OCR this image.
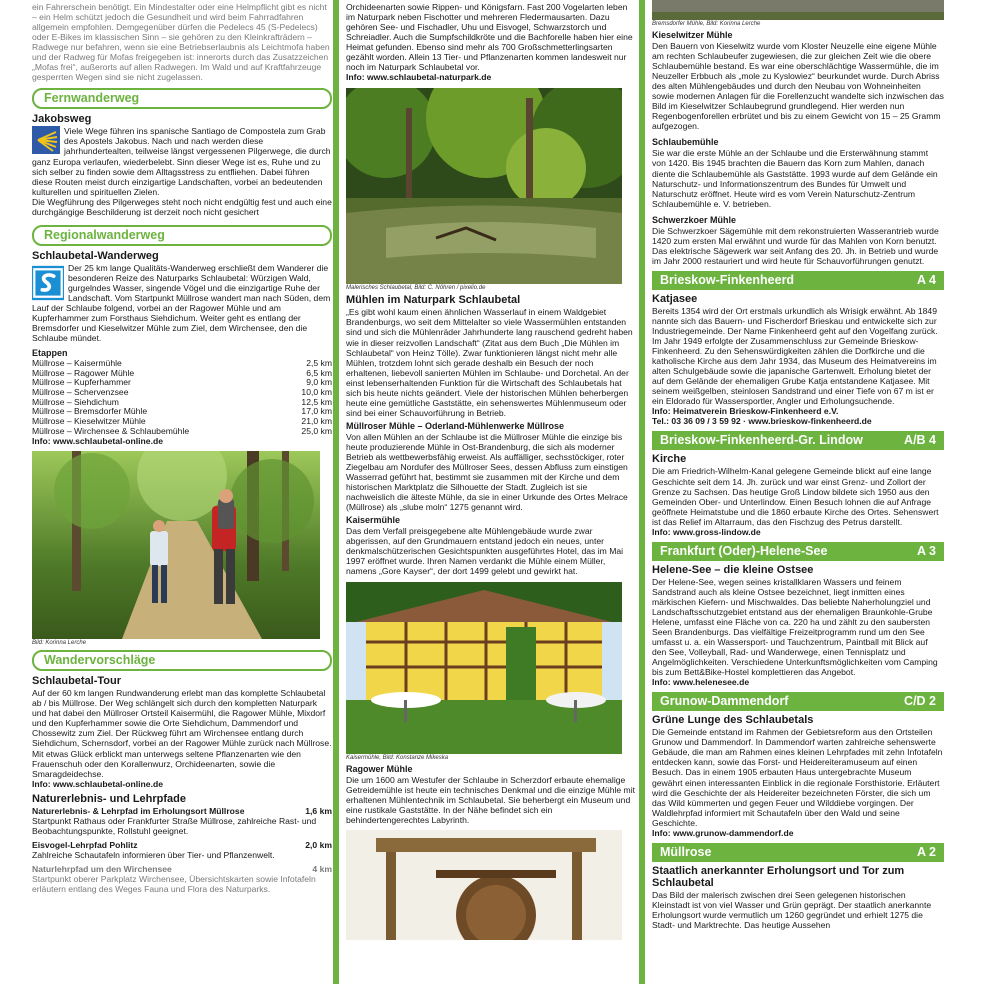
ein Fahrerschein benötigt. Ein Mindestalter oder eine Helmpflicht gibt es nicht – ein Helm schützt jedoch die Gesundheit und wird beim Fahrradfahren allgemein empfohlen. Demgegenüber dürfen die Pedelecs 45 (S-Pedelecs) oder E-Bikes im klassischen Sinn – sie gehören zu den Kleinkrafträdern – Radwege nur befahren, wenn sie eine Betriebserlaubnis als Leichtmofa haben und der Radweg für Mofas freigegeben ist: innerorts durch das Zusatzzeichen „Mofas frei“, außerorts auf allen Radwegen. Im Wald und auf Kraftfahrzeuge gesperrten Wegen sind sie nicht zugelassen.

Fernwanderweg
Jakobsweg

Viele Wege führen ins spanische Santiago de Compostela zum Grab des Apostels Jakobus. Nach und nach werden diese jahrhundertealten, teilweise längst vergessenen Pilgerwege, die durch ganz Europa verlaufen, wiederbelebt. Sinn dieser Wege ist es, Ruhe und zu sich selber zu finden sowie dem Alltagsstress zu entfliehen. Dabei führen diese Routen meist durch einzigartige Landschaften, vorbei an bedeutenden kulturellen und spirituellen Zielen.

Die Wegführung des Pilgerweges steht noch nicht endgültig fest und auch eine durchgängige Beschilderung ist derzeit noch nicht gesichert

Regionalwanderweg
Schlaubetal-Wanderweg

Der 25 km lange Qualitäts-Wanderweg erschließt dem Wanderer die besonderen Reize des Naturparks Schlaubetal: Würzigen Wald, gurgelndes Wasser, singende Vögel und die einzigartige Ruhe der Landschaft. Vom Startpunkt Müllrose wandert man nach Süden, dem Lauf der Schlaube folgend, vorbei an der Ragower Mühle und am Kupferhammer zum Forsthaus Siehdichum. Weiter geht es entlang der Bremsdorfer und Kieselwitzer Mühle zum Ziel, dem Wirchensee, den die Schlaube mündet.

Etappen
Müllrose – Kaisermühle	2,5 km
Müllrose – Ragower Mühle	6,5 km
Müllrose – Kupferhammer	9,0 km
Müllrose – Schervenzsee	10,0 km
Müllrose – Siehdichum	12,5 km
Müllrose – Bremsdorfer Mühle	17,0 km
Müllrose – Kieselwitzer Mühle	21,0 km
Müllrose – Wirchensee & Schlaubemühle	25,0 km
Info: www.schlaubetal-online.de
Bild: Korinna Lerche
Wandervorschläge
Schlaubetal-Tour

Auf der 60 km langen Rundwanderung erlebt man das komplette Schlaubetal ab / bis Müllrose. Der Weg schlängelt sich durch den kompletten Naturpark und hat dabei den Müllroser Ortsteil Kaisermühl, die Ragower Mühle, Mixdorf und den Kupferhammer sowie die Orte Siehdichum, Dammendorf und Chossewitz zum Ziel. Der Rückweg führt am Wirchensee entlang durch Siehdichum, Schernsdorf, vorbei an der Ragower Mühle zurück nach Müllrose. Mit etwas Glück erblickt man unterwegs seltene Pflanzenarten wie den Frauenschuh oder den Korallenwurz, Orchideenarten, sowie die Smaragdeidechse.

Info: www.schlaubetal-online.de
Naturerlebnis- und Lehrpfade
Naturerlebnis- & Lehrpfad im Erholungsort Müllrose	1,6 km

Startpunkt Rathaus oder Frankfurter Straße Müllrose, zahlreiche Rast- und Beobachtungspunkte, Rollstuhl geeignet.

Eisvogel-Lehrpfad Pohlitz	2,0 km

Zahlreiche Schautafeln informieren über Tier- und Pflanzenwelt.

Naturlehrpfad um den Wirchensee	4 km

Startpunkt oberer Parkplatz Wirchensee, Übersichtskarten sowie Infotafeln erläutern entlang des Weges Fauna und Flora des Naturparks.

Orchideenarten sowie Rippen- und Königsfarn. Fast 200 Vogelarten leben im Naturpark neben Fischotter und mehreren Fledermausarten. Dazu gehören See- und Fischadler, Uhu und Eisvogel, Schwarzstorch und Schreiadler. Auch die Sumpfschildkröte und die Bachforelle haben hier eine Heimat gefunden. Ebenso sind mehr als 700 Großschmetterlingsarten gezählt worden. Allein 13 Tier- und Pflanzenarten kommen landesweit nur noch im Naturpark Schlaubetal vor.

Info: www.schlaubetal-naturpark.de
Malerisches Schlaubetal, Bild: C. Nöhren / pixelio.de
Mühlen im Naturpark Schlaubetal

„Es gibt wohl kaum einen ähnlichen Wasserlauf in einem Waldgebiet Brandenburgs, wo seit dem Mittelalter so viele Wassermühlen entstanden sind und sich die Mühlenräder Jahrhunderte lang rauschend gedreht haben wie in dieser reizvollen Landschaft“ (Zitat aus dem Buch „Die Mühlen im Schlaubetal“ von Heinz Tölle). Zwar funktionieren längst nicht mehr alle Mühlen, trotzdem lohnt sich gerade deshalb ein Besuch der noch erhaltenen, liebevoll sanierten Mühlen im Schlaube- und Dorchetal. An der einst lebenserhaltenden Funktion für die Wirtschaft des Schlaubetals hat sich bis heute nichts geändert. Viele der historischen Mühlen beherbergen heute eine gemütliche Gaststätte, ein sehenswertes Mühlenmuseum oder sind bei einer Schauvorführung in Betrieb.

Müllroser Mühle – Oderland-Mühlenwerke Müllrose

Von allen Mühlen an der Schlaube ist die Müllroser Mühle die einzige bis heute produzierende Mühle in Ost-Brandenburg, die sich als moderner Betrieb als wettbewerbsfähig erweist. Als auffälliger, sechsstöckiger, roter Ziegelbau am Nordufer des Müllroser Sees, dessen Abfluss zum einstigen Wasserrad geführt hat, bestimmt sie zusammen mit der Kirche und dem historischen Marktplatz die Silhouette der Stadt. Zugleich ist sie nachweislich die älteste Mühle, da sie in einer Urkunde des Ortes Melrace (Müllrose) als „slube moln“ 1275 genannt wird.

Kaisermühle

Das dem Verfall preisgegebene alte Mühlengebäude wurde zwar abgerissen, auf den Grundmauern entstand jedoch ein neues, unter denkmalschützerischen Gesichtspunkten ausgeführtes Hotel, das im Mai 1997 eröffnet wurde. Ihren Namen verdankt die Mühle einem Müller, namens „Gore Kayser“, der dort 1499 gelebt und gewirkt hat.

Kaisermühle, Bild: Konstanze Mikeska
Ragower Mühle

Die um 1600 am Westufer der Schlaube in Scherzdorf erbaute ehemalige Getreidemühle ist heute ein technisches Denkmal und die einzige Mühle mit erhaltenen Mühlentechnik im Schlaubetal. Sie beherbergt ein Museum und eine rustikale Gaststätte. In der Nähe befindet sich ein behindertengerechtes Labyrinth.

Bremsdorfer Mühle, Bild: Korinna Lerche
Kieselwitzer Mühle

Den Bauern von Kieselwitz wurde vom Kloster Neuzelle eine eigene Mühle am rechten Schlaubeufer zugewiesen, die zur gleichen Zeit wie die obere Schlaubemühle bestand. Es war eine oberschlächtige Wassermühle, die im Neuzeller Erbbuch als „mole zu Kyslowiez“ beurkundet wurde. Durch Abriss des alten Mühlengebäudes und durch den Neubau von Wohneinheiten sowie modernen Anlagen für die Forellenzucht wandelte sich inzwischen das Bild im Kieselwitzer Schlaubegrund grundlegend. Hier werden nun Regenbogenforellen erbrütet und bis zu einem Gewicht von 15 – 25 Gramm aufgezogen.

Schlaubemühle

Sie war die erste Mühle an der Schlaube und die Ersterwähnung stammt von 1420. Bis 1945 brachten die Bauern das Korn zum Mahlen, danach diente die Schlaubemühle als Gaststätte. 1993 wurde auf dem Gelände ein Naturschutz- und Informationszentrum des Bundes für Umwelt und Naturschutz eröffnet. Heute wird es vom Verein Naturschutz-Zentrum Schlaubemühle e. V. betrieben.

Schwerzkoer Mühle

Die Schwerzkoer Sägemühle mit dem rekonstruierten Wasserantrieb wurde 1420 zum ersten Mal erwähnt und wurde für das Mahlen von Korn benutzt. Das elektrische Sägewerk war seit Anfang des 20. Jh. in Betrieb und wurde im Jahr 2000 restauriert und wird heute für Schauvorführungen genutzt.

Brieskow-Finkenheerd	A 4
Katjasee

Bereits 1354 wird der Ort erstmals urkundlich als Wrisigk erwähnt. Ab 1849 nannte sich das Bauern- und Fischerdorf Brieskau und entwickelte sich zur Industriegemeinde. Der Name Finkenheerd geht auf den Vogelfang zurück. Im Jahr 1949 erfolgte der Zusammenschluss zur Gemeinde Brieskow-Finkenheerd. Zu den Sehenswürdigkeiten zählen die Dorfkirche und die katholische Kirche aus dem Jahr 1934, das Museum des Heimatvereins im alten Schulgebäude sowie die japanische Gartenwelt. Erholung bietet der auf dem Gelände der ehemaligen Grube Katja entstandene Katjasee. Mit seinem weißgelben, steinlosen Sandstrand und einer Tiefe von 67 m ist er ein Eldorado für Wassersportler, Angler und Erholungsuchende.

Info: Heimatverein Brieskow-Finkenheerd e.V.
Tel.: 03 36 09 / 3 59 92 · www.brieskow-finkenheerd.de
Brieskow-Finkenheerd-Gr. Lindow	A/B 4
Kirche

Die am Friedrich-Wilhelm-Kanal gelegene Gemeinde blickt auf eine lange Geschichte seit dem 14. Jh. zurück und war einst Grenz- und Zollort der Grenze zu Sachsen. Das heutige Groß Lindow bildete sich 1950 aus den Gemeinden Ober- und Unterlindow. Einen Besuch lohnen die auf Anfrage geöffnete Heimatstube und die 1860 erbaute Kirche des Ortes. Sehenswert ist das Relief im Altarraum, das den Fischzug des Petrus darstellt.

Info: www.gross-lindow.de
Frankfurt (Oder)-Helene-See	A 3
Helene-See – die kleine Ostsee

Der Helene-See, wegen seines kristallklaren Wassers und feinem Sandstrand auch als kleine Ostsee bezeichnet, liegt inmitten eines märkischen Kiefern- und Mischwaldes. Das beliebte Naherholungziel und Landschaftsschutzgebiet entstand aus der ehemaligen Braunkohle-Grube Helene, umfasst eine Fläche von ca. 220 ha und zählt zu den saubersten Seen Brandenburgs. Das vielfältige Freizeitprogramm rund um den See umfasst u. a. ein Wassersport- und Tauchzentrum, Paintball mit Blick auf den See, Volleyball, Rad- und Wanderwege, einen Tennisplatz und Angelmöglichkeiten. Verschiedene Unterkunftsmöglichkeiten vom Camping bis zum Bett&Bike-Hostel komplettieren das Angebot.

Info: www.helenesee.de
Grunow-Dammendorf	C/D 2
Grüne Lunge des Schlaubetals

Die Gemeinde entstand im Rahmen der Gebietsreform aus den Ortsteilen Grunow und Dammendorf. In Dammendorf warten zahlreiche sehenswerte Gebäude, die man am Rahmen eines kleinen Lehrpfades mit zehn Infotafeln entdecken kann, sowie das Forst- und Heidereiteramuseum auf einen Besuch. Das in einem 1905 erbauten Haus untergebrachte Museum gewährt einen interessanten Einblick in die regionale Forsthistorie. Erläutert wird die Geschichte der als Heidereiter bezeichneten Förster, die sich um das Wild kümmerten und gegen Feuer und Wilddiebe vorgingen. Der Waldlehrpfad informiert mit Schautafeln über den Wald und seine Geschichte.

Info: www.grunow-dammendorf.de
Müllrose	A 2
Staatlich anerkannter Erholungsort und Tor zum Schlaubetal

Das Bild der malerisch zwischen drei Seen gelegenen historischen Kleinstadt ist von viel Wasser und Grün geprägt. Der staatlich anerkannte Erholungsort wurde vermutlich um 1260 gegründet und erhielt 1275 die Stadt- und Marktrechte. Das heutige Aussehen
